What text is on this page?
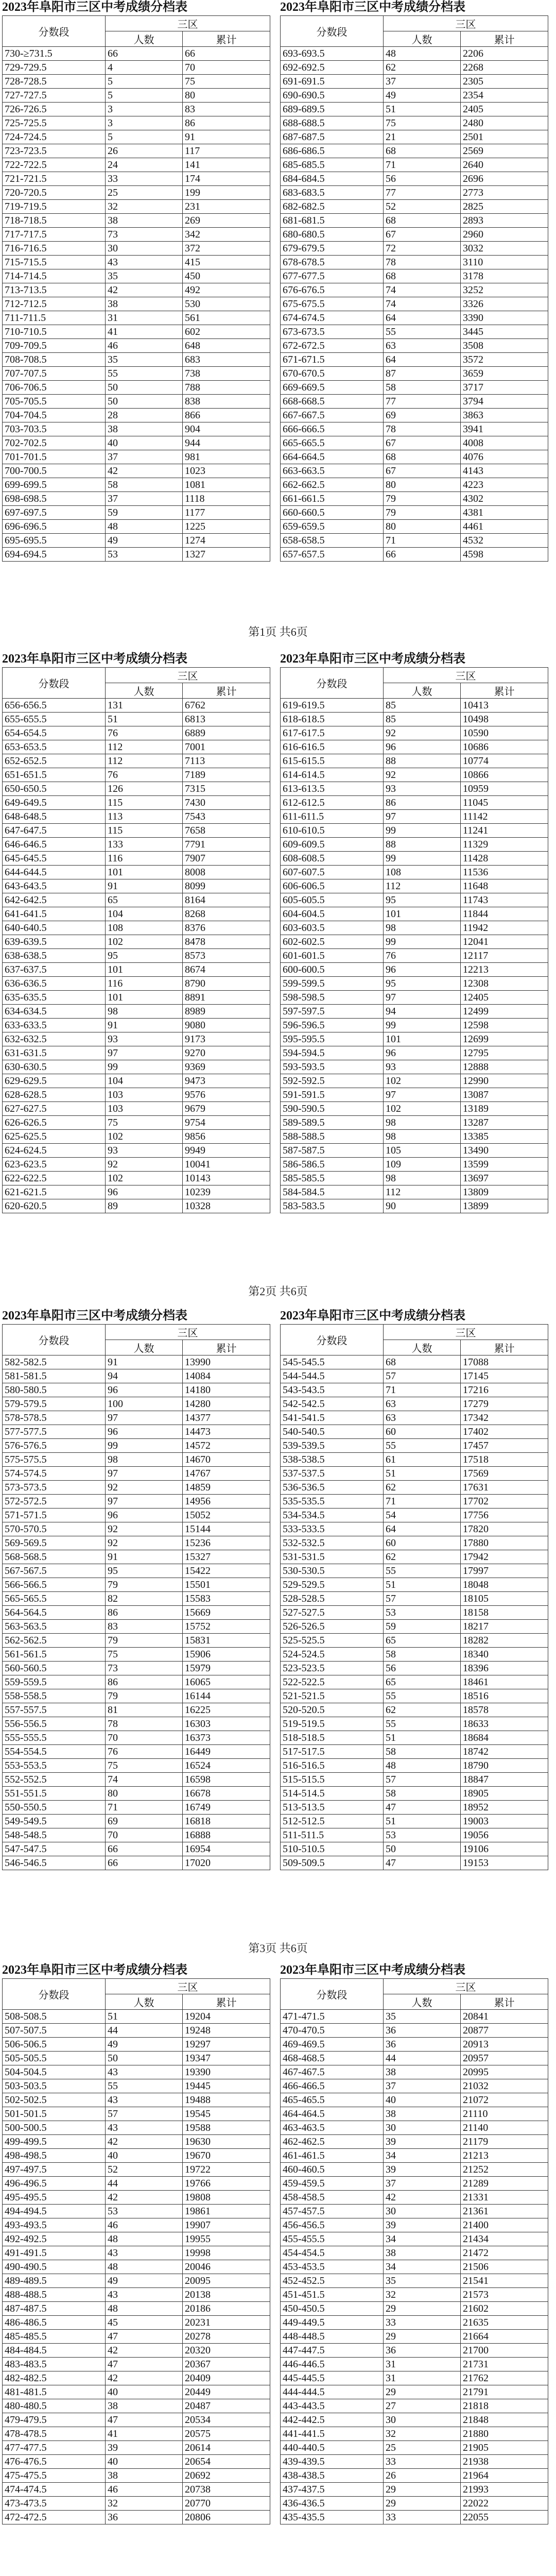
2023年阜阳市三区中考成绩分档表
分数段	三区	
	人数	累计
730-≥731.5	66	66
729-729.5	4	70
728-728.5	5	75
727-727.5	5	80
726-726.5	3	83
725-725.5	3	86
724-724.5	5	91
723-723.5	26	117
722-722.5	24	141
721-721.5	33	174
720-720.5	25	199
719-719.5	32	231
718-718.5	38	269
717-717.5	73	342
716-716.5	30	372
715-715.5	43	415
714-714.5	35	450
713-713.5	42	492
712-712.5	38	530
711-711.5	31	561
710-710.5	41	602
709-709.5	46	648
708-708.5	35	683
707-707.5	55	738
706-706.5	50	788
705-705.5	50	838
704-704.5	28	866
703-703.5	38	904
702-702.5	40	944
701-701.5	37	981
700-700.5	42	1023
699-699.5	58	1081
698-698.5	37	1118
697-697.5	59	1177
696-696.5	48	1225
695-695.5	49	1274
694-694.5	53	1327
2023年阜阳市三区中考成绩分档表
分数段	三区	
	人数	累计
693-693.5	48	2206
692-692.5	62	2268
691-691.5	37	2305
690-690.5	49	2354
689-689.5	51	2405
688-688.5	75	2480
687-687.5	21	2501
686-686.5	68	2569
685-685.5	71	2640
684-684.5	56	2696
683-683.5	77	2773
682-682.5	52	2825
681-681.5	68	2893
680-680.5	67	2960
679-679.5	72	3032
678-678.5	78	3110
677-677.5	68	3178
676-676.5	74	3252
675-675.5	74	3326
674-674.5	64	3390
673-673.5	55	3445
672-672.5	63	3508
671-671.5	64	3572
670-670.5	87	3659
669-669.5	58	3717
668-668.5	77	3794
667-667.5	69	3863
666-666.5	78	3941
665-665.5	67	4008
664-664.5	68	4076
663-663.5	67	4143
662-662.5	80	4223
661-661.5	79	4302
660-660.5	79	4381
659-659.5	80	4461
658-658.5	71	4532
657-657.5	66	4598
第1页 共6页
2023年阜阳市三区中考成绩分档表
分数段	三区	
	人数	累计
656-656.5	131	6762
655-655.5	51	6813
654-654.5	76	6889
653-653.5	112	7001
652-652.5	112	7113
651-651.5	76	7189
650-650.5	126	7315
649-649.5	115	7430
648-648.5	113	7543
647-647.5	115	7658
646-646.5	133	7791
645-645.5	116	7907
644-644.5	101	8008
643-643.5	91	8099
642-642.5	65	8164
641-641.5	104	8268
640-640.5	108	8376
639-639.5	102	8478
638-638.5	95	8573
637-637.5	101	8674
636-636.5	116	8790
635-635.5	101	8891
634-634.5	98	8989
633-633.5	91	9080
632-632.5	93	9173
631-631.5	97	9270
630-630.5	99	9369
629-629.5	104	9473
628-628.5	103	9576
627-627.5	103	9679
626-626.5	75	9754
625-625.5	102	9856
624-624.5	93	9949
623-623.5	92	10041
622-622.5	102	10143
621-621.5	96	10239
620-620.5	89	10328
2023年阜阳市三区中考成绩分档表
分数段	三区	
	人数	累计
619-619.5	85	10413
618-618.5	85	10498
617-617.5	92	10590
616-616.5	96	10686
615-615.5	88	10774
614-614.5	92	10866
613-613.5	93	10959
612-612.5	86	11045
611-611.5	97	11142
610-610.5	99	11241
609-609.5	88	11329
608-608.5	99	11428
607-607.5	108	11536
606-606.5	112	11648
605-605.5	95	11743
604-604.5	101	11844
603-603.5	98	11942
602-602.5	99	12041
601-601.5	76	12117
600-600.5	96	12213
599-599.5	95	12308
598-598.5	97	12405
597-597.5	94	12499
596-596.5	99	12598
595-595.5	101	12699
594-594.5	96	12795
593-593.5	93	12888
592-592.5	102	12990
591-591.5	97	13087
590-590.5	102	13189
589-589.5	98	13287
588-588.5	98	13385
587-587.5	105	13490
586-586.5	109	13599
585-585.5	98	13697
584-584.5	112	13809
583-583.5	90	13899
第2页 共6页
2023年阜阳市三区中考成绩分档表
分数段	三区	
	人数	累计
582-582.5	91	13990
581-581.5	94	14084
580-580.5	96	14180
579-579.5	100	14280
578-578.5	97	14377
577-577.5	96	14473
576-576.5	99	14572
575-575.5	98	14670
574-574.5	97	14767
573-573.5	92	14859
572-572.5	97	14956
571-571.5	96	15052
570-570.5	92	15144
569-569.5	92	15236
568-568.5	91	15327
567-567.5	95	15422
566-566.5	79	15501
565-565.5	82	15583
564-564.5	86	15669
563-563.5	83	15752
562-562.5	79	15831
561-561.5	75	15906
560-560.5	73	15979
559-559.5	86	16065
558-558.5	79	16144
557-557.5	81	16225
556-556.5	78	16303
555-555.5	70	16373
554-554.5	76	16449
553-553.5	75	16524
552-552.5	74	16598
551-551.5	80	16678
550-550.5	71	16749
549-549.5	69	16818
548-548.5	70	16888
547-547.5	66	16954
546-546.5	66	17020
2023年阜阳市三区中考成绩分档表
分数段	三区	
	人数	累计
545-545.5	68	17088
544-544.5	57	17145
543-543.5	71	17216
542-542.5	63	17279
541-541.5	63	17342
540-540.5	60	17402
539-539.5	55	17457
538-538.5	61	17518
537-537.5	51	17569
536-536.5	62	17631
535-535.5	71	17702
534-534.5	54	17756
533-533.5	64	17820
532-532.5	60	17880
531-531.5	62	17942
530-530.5	55	17997
529-529.5	51	18048
528-528.5	57	18105
527-527.5	53	18158
526-526.5	59	18217
525-525.5	65	18282
524-524.5	58	18340
523-523.5	56	18396
522-522.5	65	18461
521-521.5	55	18516
520-520.5	62	18578
519-519.5	55	18633
518-518.5	51	18684
517-517.5	58	18742
516-516.5	48	18790
515-515.5	57	18847
514-514.5	58	18905
513-513.5	47	18952
512-512.5	51	19003
511-511.5	53	19056
510-510.5	50	19106
509-509.5	47	19153
第3页 共6页
2023年阜阳市三区中考成绩分档表
分数段	三区	
	人数	累计
508-508.5	51	19204
507-507.5	44	19248
506-506.5	49	19297
505-505.5	50	19347
504-504.5	43	19390
503-503.5	55	19445
502-502.5	43	19488
501-501.5	57	19545
500-500.5	43	19588
499-499.5	42	19630
498-498.5	40	19670
497-497.5	52	19722
496-496.5	44	19766
495-495.5	42	19808
494-494.5	53	19861
493-493.5	46	19907
492-492.5	48	19955
491-491.5	43	19998
490-490.5	48	20046
489-489.5	49	20095
488-488.5	43	20138
487-487.5	48	20186
486-486.5	45	20231
485-485.5	47	20278
484-484.5	42	20320
483-483.5	47	20367
482-482.5	42	20409
481-481.5	40	20449
480-480.5	38	20487
479-479.5	47	20534
478-478.5	41	20575
477-477.5	39	20614
476-476.5	40	20654
475-475.5	38	20692
474-474.5	46	20738
473-473.5	32	20770
472-472.5	36	20806
2023年阜阳市三区中考成绩分档表
分数段	三区	
	人数	累计
471-471.5	35	20841
470-470.5	36	20877
469-469.5	36	20913
468-468.5	44	20957
467-467.5	38	20995
466-466.5	37	21032
465-465.5	40	21072
464-464.5	38	21110
463-463.5	30	21140
462-462.5	39	21179
461-461.5	34	21213
460-460.5	39	21252
459-459.5	37	21289
458-458.5	42	21331
457-457.5	30	21361
456-456.5	39	21400
455-455.5	34	21434
454-454.5	38	21472
453-453.5	34	21506
452-452.5	35	21541
451-451.5	32	21573
450-450.5	29	21602
449-449.5	33	21635
448-448.5	29	21664
447-447.5	36	21700
446-446.5	31	21731
445-445.5	31	21762
444-444.5	29	21791
443-443.5	27	21818
442-442.5	30	21848
441-441.5	32	21880
440-440.5	25	21905
439-439.5	33	21938
438-438.5	26	21964
437-437.5	29	21993
436-436.5	29	22022
435-435.5	33	22055
